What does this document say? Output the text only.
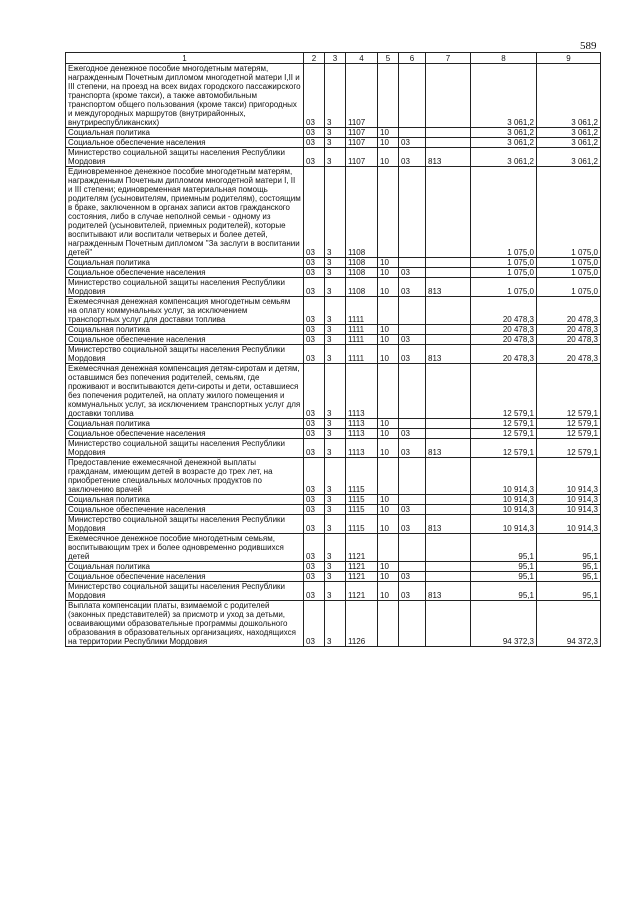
589
1	2	3	4	5	6	7	8	9
Ежегодное денежное пособие многодетным матерям, награжденным Почетным дипломом многодетной матери I,II и III степени, на проезд на всех видах городского пассажирского транспорта (кроме такси), а также автомобильным транспортом общего пользования (кроме такси) пригородных и междугородных маршрутов (внутрирайонных, внутриреспубликанских)	03	3	1107				3 061,2	3 061,2
Социальная политика	03	3	1107	10			3 061,2	3 061,2
Социальное обеспечение населения	03	3	1107	10	03		3 061,2	3 061,2
Министерство социальной защиты населения Республики Мордовия	03	3	1107	10	03	813	3 061,2	3 061,2
Единовременное денежное пособие многодетным матерям, награжденным Почетным дипломом многодетной матери I, II и III степени; единовременная материальная помощь родителям (усыновителям, приемным родителям), состоящим в браке, заключенном в органах записи актов гражданского состояния, либо в случае неполной семьи - одному из родителей (усыновителей, приемных родителей), которые воспитывают или воспитали четверых и более детей, награжденным Почетным дипломом "За заслуги в воспитании детей"	03	3	1108				1 075,0	1 075,0
Социальная политика	03	3	1108	10			1 075,0	1 075,0
Социальное обеспечение населения	03	3	1108	10	03		1 075,0	1 075,0
Министерство социальной защиты населения Республики Мордовия	03	3	1108	10	03	813	1 075,0	1 075,0
Ежемесячная денежная компенсация многодетным семьям на оплату коммунальных услуг, за исключением транспортных услуг для доставки топлива	03	3	1111				20 478,3	20 478,3
Социальная политика	03	3	1111	10			20 478,3	20 478,3
Социальное обеспечение населения	03	3	1111	10	03		20 478,3	20 478,3
Министерство социальной защиты населения Республики Мордовия	03	3	1111	10	03	813	20 478,3	20 478,3
Ежемесячная денежная компенсация детям-сиротам и детям, оставшимся без попечения родителей, семьям, где проживают и воспитываются дети-сироты и дети, оставшиеся без попечения родителей, на оплату жилого помещения и коммунальных услуг, за исключением транспортных услуг для доставки топлива	03	3	1113				12 579,1	12 579,1
Социальная политика	03	3	1113	10			12 579,1	12 579,1
Социальное обеспечение населения	03	3	1113	10	03		12 579,1	12 579,1
Министерство социальной защиты населения Республики Мордовия	03	3	1113	10	03	813	12 579,1	12 579,1
Предоставление ежемесячной денежной выплаты гражданам, имеющим детей в возрасте до трех лет, на приобретение специальных молочных продуктов по заключению врачей	03	3	1115				10 914,3	10 914,3
Социальная политика	03	3	1115	10			10 914,3	10 914,3
Социальное обеспечение населения	03	3	1115	10	03		10 914,3	10 914,3
Министерство социальной защиты населения Республики Мордовия	03	3	1115	10	03	813	10 914,3	10 914,3
Ежемесячное денежное пособие многодетным семьям, воспитывающим трех и более одновременно родившихся детей	03	3	1121				95,1	95,1
Социальная политика	03	3	1121	10			95,1	95,1
Социальное обеспечение населения	03	3	1121	10	03		95,1	95,1
Министерство социальной защиты населения Республики Мордовия	03	3	1121	10	03	813	95,1	95,1
Выплата компенсации платы, взимаемой с родителей (законных представителей) за присмотр и уход за детьми, осваивающими образовательные программы дошкольного образования в образовательных организациях, находящихся на территории Республики Мордовия	03	3	1126				94 372,3	94 372,3
